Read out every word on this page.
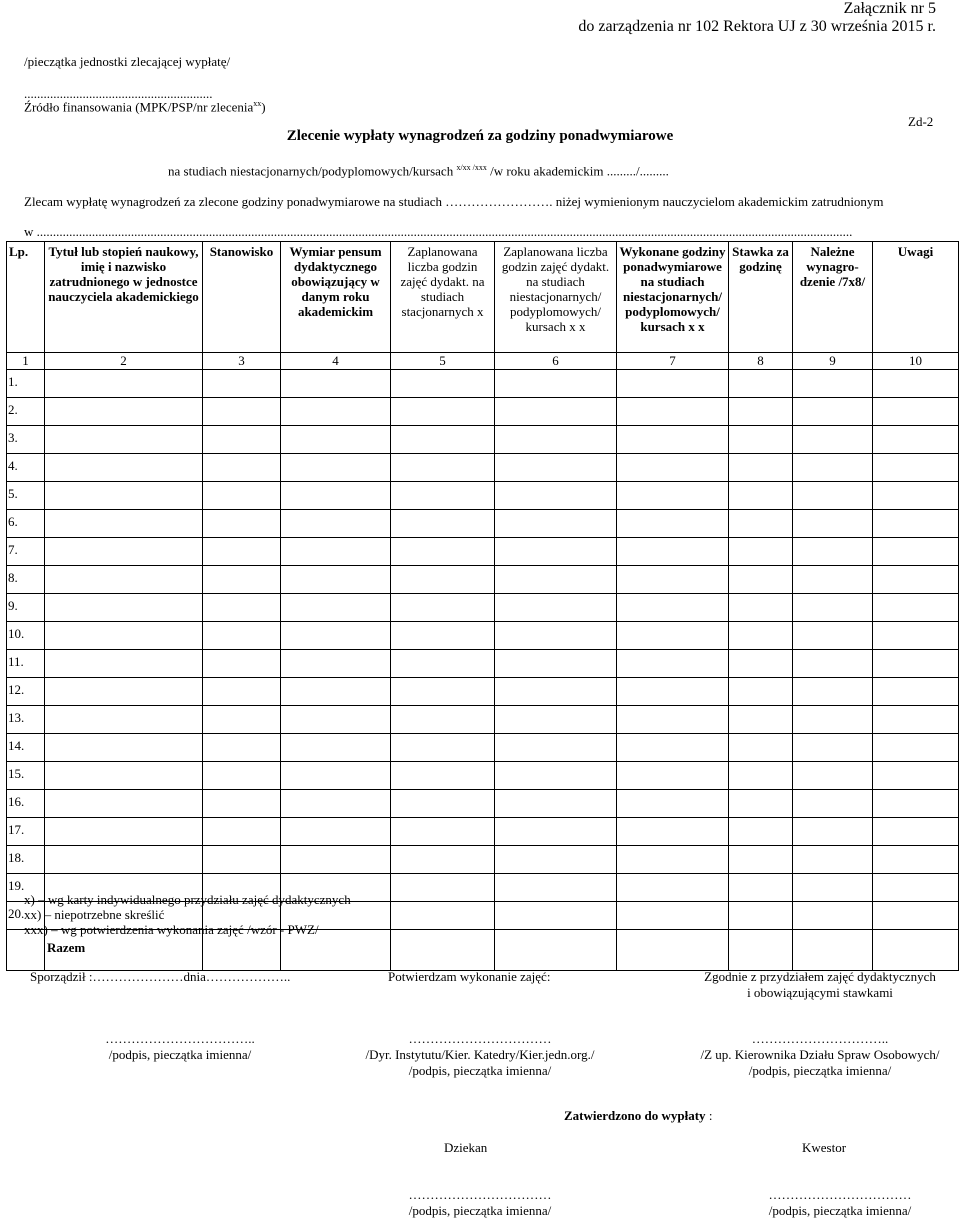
Załącznik nr 5
do zarządzenia nr 102 Rektora UJ z 30 września 2015 r.
/pieczątka jednostki zlecającej wypłatę/
..........................................................
Źródło finansowania (MPK/PSP/nr zlecenia$^{xx}$)
Zd-2
Zlecenie wypłaty wynagrodzeń za godziny ponadwymiarowe
na studiach niestacjonarnych/podyplomowych/kursach $^{x/xx /xxx}$ /w roku akademickim ........./.........
Zlecam wypłatę wynagrodzeń za zlecone godziny ponadwymiarowe na studiach ……………………. niżej wymienionym nauczycielom akademickim zatrudnionym
w ...........................................................................................................................................................................................................................................................
Lp.	Tytuł lub stopień naukowy, imię i nazwisko zatrudnionego w jednostce nauczyciela akademickiego	Stanowisko	Wymiar pensum dydaktycznego obowiązujący w danym roku akademickim	Zaplanowana liczba godzin zajęć dydakt. na studiach stacjonarnych x	Zaplanowana liczba godzin zajęć dydakt. na studiach niestacjonarnych/ podyplomowych/ kursach x x	Wykonane godziny ponadwymiarowe na studiach niestacjonarnych/ podyplomowych/ kursach x x	Stawka za godzinę	Należne wynagro-dzenie /7x8/	Uwagi
1	2	3	4	5	6	7	8	9	10
1.									
2.									
3.									
4.									
5.									
6.									
7.									
8.									
9.									
10.									
11.									
12.									
13.									
14.									
15.									
16.									
17.									
18.									
19.									
20.									
	Razem								
x) – wg karty indywidualnego przydziału zajęć dydaktycznych
xx) – niepotrzebne skreślić
xxx) – wg potwierdzenia wykonania zajęć /wzór - PWZ/
Sporządził :…………………dnia………………..	Potwierdzam wykonanie zajęć:	Zgodnie z przydziałem zajęć dydaktycznych
i obowiązującymi stawkami
……………………………..
/podpis, pieczątka imienna/
……………………………
/Dyr. Instytutu/Kier. Katedry/Kier.jedn.org./
/podpis, pieczątka imienna/
…………………………..
/Z up. Kierownika Działu Spraw Osobowych/
/podpis, pieczątka imienna/
Zatwierdzono do wypłaty :
Dziekan	Kwestor
……………………………
/podpis, pieczątka imienna/
……………………………
/podpis, pieczątka imienna/
